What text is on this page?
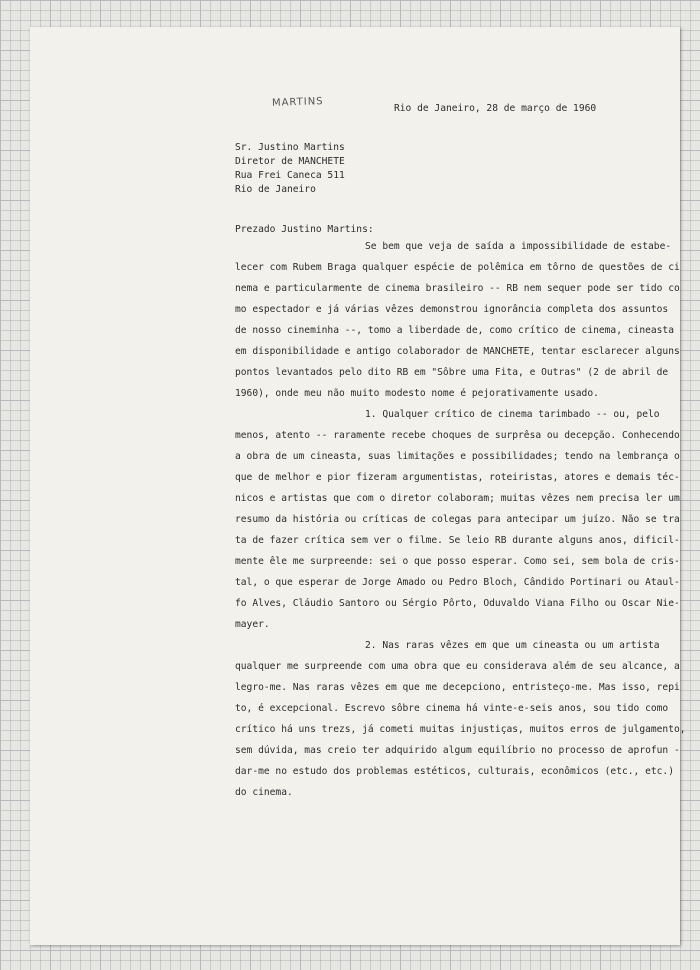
MARTINS	Rio de Janeiro, 28 de março de 1960
Sr. Justino Martins
Diretor de MANCHETE
Rua Frei Caneca 511
Rio de Janeiro
Prezado Justino Martins:
Se bem que veja de saída a impossibilidade de estabe-
lecer com Rubem Braga qualquer espécie de polêmica em tôrno de questões de ci
nema e particularmente de cinema brasileiro -- RB nem sequer pode ser tido co
mo espectador e já várias vêzes demonstrou ignorância completa dos assuntos
de nosso cineminha --, tomo a liberdade de, como crítico de cinema, cineasta
em disponibilidade e antigo colaborador de MANCHETE, tentar esclarecer alguns
pontos levantados pelo dito RB em "Sôbre uma Fita, e Outras" (2 de abril de
1960), onde meu não muito modesto nome é pejorativamente usado.
1. Qualquer crítico de cinema tarimbado -- ou, pelo
menos, atento -- raramente recebe choques de surprêsa ou decepção. Conhecendo
a obra de um cineasta, suas limitações e possibilidades; tendo na lembrança o
que de melhor e pior fizeram argumentistas, roteiristas, atores e demais téc-
nicos e artistas que com o diretor colaboram; muitas vêzes nem precisa ler um
resumo da história ou críticas de colegas para antecipar um juízo. Não se tra
ta de fazer crítica sem ver o filme. Se leio RB durante alguns anos, dificil-
mente êle me surpreende: sei o que posso esperar. Como sei, sem bola de cris-
tal, o que esperar de Jorge Amado ou Pedro Bloch, Cândido Portinari ou Ataul-
fo Alves, Cláudio Santoro ou Sérgio Pôrto, Oduvaldo Viana Filho ou Oscar Nie-
mayer.
2. Nas raras vêzes em que um cineasta ou um artista
qualquer me surpreende com uma obra que eu considerava além de seu alcance, a
legro-me. Nas raras vêzes em que me decepciono, entristeço-me. Mas isso, repi
to, é excepcional. Escrevo sôbre cinema há vinte-e-seis anos, sou tido como
crítico há uns trezs, já cometi muitas injustiças, muitos erros de julgamento,
sem dúvida, mas creio ter adquirido algum equilíbrio no processo de aprofun -
dar-me no estudo dos problemas estéticos, culturais, econômicos (etc., etc.)
do cinema.
